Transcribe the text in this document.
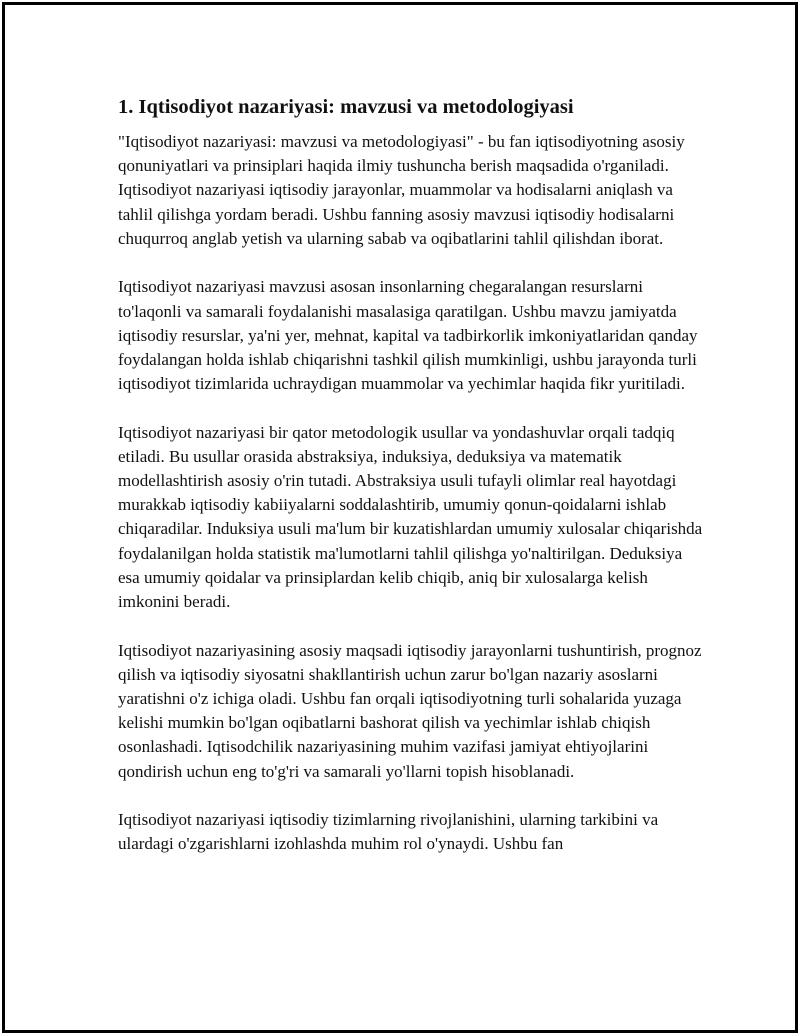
1. Iqtisodiyot nazariyasi: mavzusi va metodologiyasi

"Iqtisodiyot nazariyasi: mavzusi va metodologiyasi" - bu fan iqtisodiyotning asosiy qonuniyatlari va prinsiplari haqida ilmiy tushuncha berish maqsadida o'rganiladi. Iqtisodiyot nazariyasi iqtisodiy jarayonlar, muammolar va hodisalarni aniqlash va tahlil qilishga yordam beradi. Ushbu fanning asosiy mavzusi iqtisodiy hodisalarni chuqurroq anglab yetish va ularning sabab va oqibatlarini tahlil qilishdan iborat.

Iqtisodiyot nazariyasi mavzusi asosan insonlarning chegaralangan resurslarni to'laqonli va samarali foydalanishi masalasiga qaratilgan. Ushbu mavzu jamiyatda iqtisodiy resurslar, ya'ni yer, mehnat, kapital va tadbirkorlik imkoniyatlaridan qanday foydalangan holda ishlab chiqarishni tashkil qilish mumkinligi, ushbu jarayonda turli iqtisodiyot tizimlarida uchraydigan muammolar va yechimlar haqida fikr yuritiladi.

Iqtisodiyot nazariyasi bir qator metodologik usullar va yondashuvlar orqali tadqiq etiladi. Bu usullar orasida abstraksiya, induksiya, deduksiya va matematik modellashtirish asosiy o'rin tutadi. Abstraksiya usuli tufayli olimlar real hayotdagi murakkab iqtisodiy kabiiyalarni soddalashtirib, umumiy qonun-qoidalarni ishlab chiqaradilar. Induksiya usuli ma'lum bir kuzatishlardan umumiy xulosalar chiqarishda foydalanilgan holda statistik ma'lumotlarni tahlil qilishga yo'naltirilgan. Deduksiya esa umumiy qoidalar va prinsiplardan kelib chiqib, aniq bir xulosalarga kelish imkonini beradi.

Iqtisodiyot nazariyasining asosiy maqsadi iqtisodiy jarayonlarni tushuntirish, prognoz qilish va iqtisodiy siyosatni shakllantirish uchun zarur bo'lgan nazariy asoslarni yaratishni o'z ichiga oladi. Ushbu fan orqali iqtisodiyotning turli sohalarida yuzaga kelishi mumkin bo'lgan oqibatlarni bashorat qilish va yechimlar ishlab chiqish osonlashadi. Iqtisodchilik nazariyasining muhim vazifasi jamiyat ehtiyojlarini qondirish uchun eng to'g'ri va samarali yo'llarni topish hisoblanadi.

Iqtisodiyot nazariyasi iqtisodiy tizimlarning rivojlanishini, ularning tarkibini va ulardagi o'zgarishlarni izohlashda muhim rol o'ynaydi. Ushbu fan
